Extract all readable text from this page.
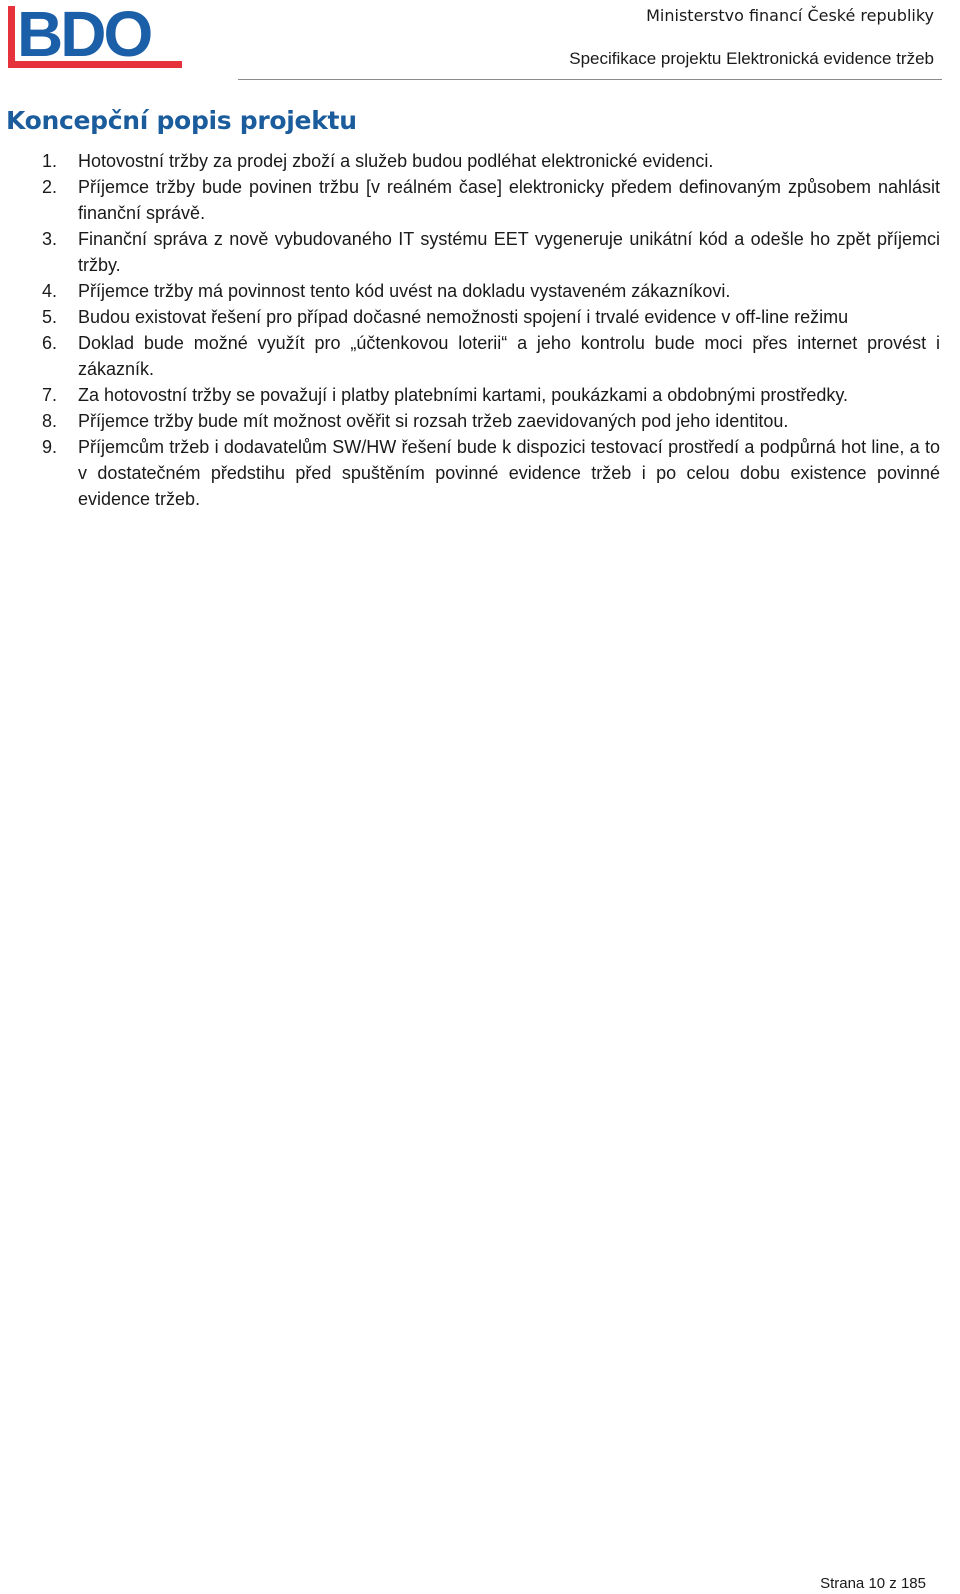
BDO	Ministerstvo financí České republiky
Specifikace projektu Elektronická evidence tržeb
Koncepční popis projektu
1.	Hotovostní tržby za prodej zboží a služeb budou podléhat elektronické evidenci.
2.	Příjemce tržby bude povinen tržbu [v reálném čase] elektronicky předem definovaným způsobem nahlásit finanční správě.
3.	Finanční správa z nově vybudovaného IT systému EET vygeneruje unikátní kód a odešle ho zpět příjemci tržby.
4.	Příjemce tržby má povinnost tento kód uvést na dokladu vystaveném zákazníkovi.
5.	Budou existovat řešení pro případ dočasné nemožnosti spojení i trvalé evidence v off-line režimu
6.	Doklad bude možné využít pro „účtenkovou loterii“ a jeho kontrolu bude moci přes internet provést i zákazník.
7.	Za hotovostní tržby se považují i platby platebními kartami, poukázkami a obdobnými prostředky.
8.	Příjemce tržby bude mít možnost ověřit si rozsah tržeb zaevidovaných pod jeho identitou.
9.	Příjemcům tržeb i dodavatelům SW/HW řešení bude k dispozici testovací prostředí a podpůrná hot line, a to v dostatečném předstihu před spuštěním povinné evidence tržeb i po celou dobu existence povinné evidence tržeb.
Strana 10 z 185
